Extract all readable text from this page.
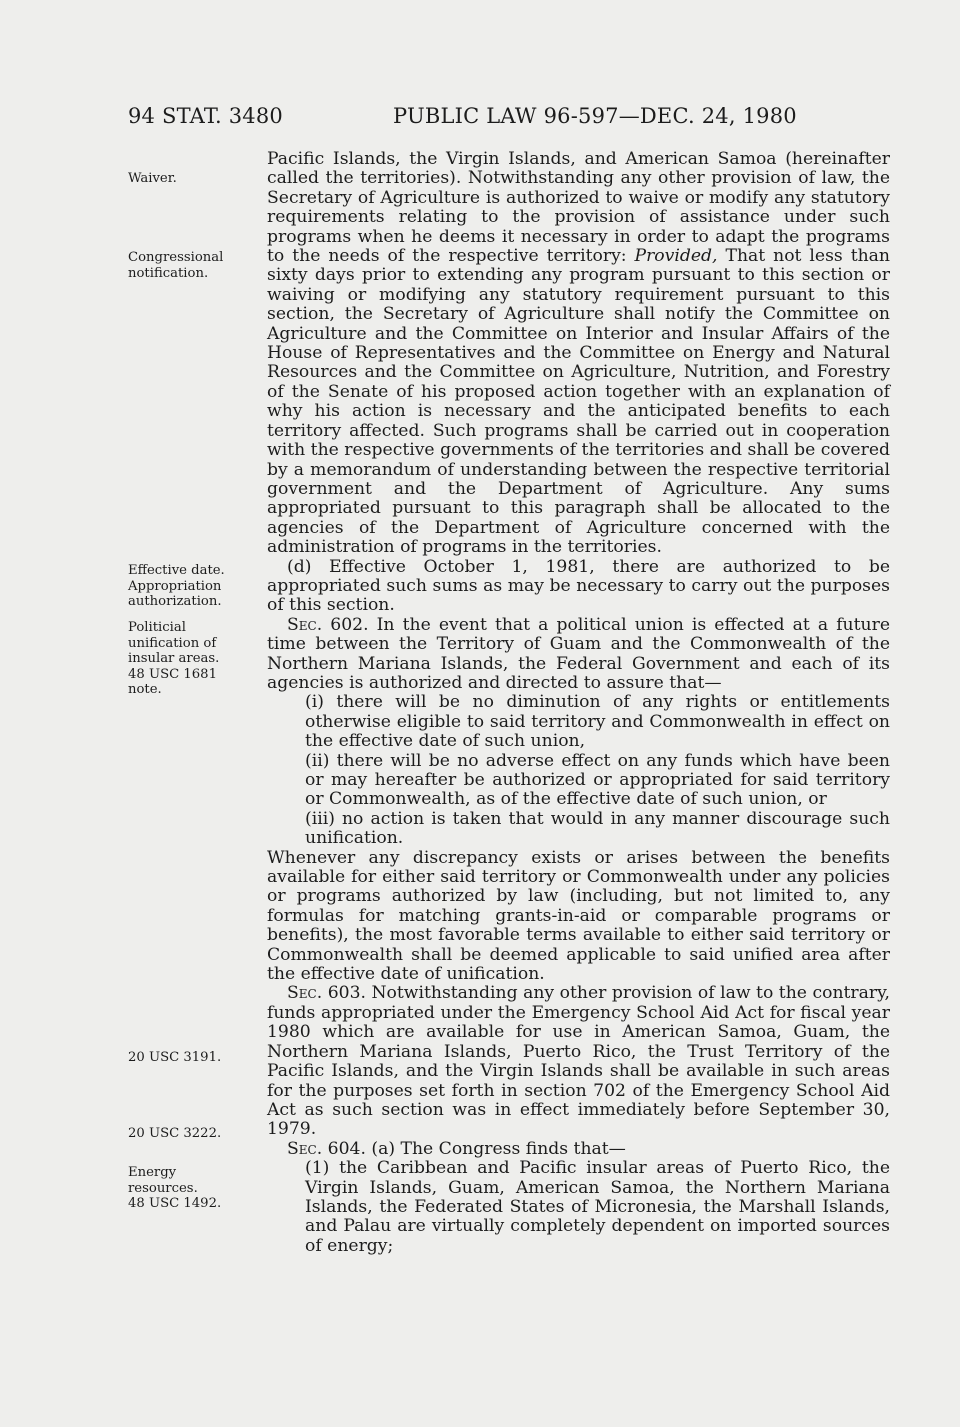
94 STAT. 3480	PUBLIC LAW 96-597—DEC. 24, 1980
Waiver.
Congressional
notification.
Effective date.
Appropriation
authorization.
Politicial
unification of
insular areas.
48 USC 1681
note.
20 USC 3191.
20 USC 3222.
Energy
resources.
48 USC 1492.

Pacific Islands, the Virgin Islands, and American Samoa (hereinafter called the territories). Notwithstanding any other provision of law, the Secretary of Agriculture is authorized to waive or modify any statutory requirements relating to the provision of assistance under such programs when he deems it necessary in order to adapt the programs to the needs of the respective territory: Provided, That not less than sixty days prior to extending any program pursuant to this section or waiving or modifying any statutory requirement pursuant to this section, the Secretary of Agriculture shall notify the Committee on Agriculture and the Committee on Interior and Insular Affairs of the House of Representatives and the Committee on Energy and Natural Resources and the Committee on Agriculture, Nutrition, and Forestry of the Senate of his proposed action together with an explanation of why his action is necessary and the anticipated benefits to each territory affected. Such programs shall be carried out in cooperation with the respective governments of the territories and shall be covered by a memorandum of understanding between the respective territorial government and the Department of Agriculture. Any sums appropriated pursuant to this paragraph shall be allocated to the agencies of the Department of Agriculture concerned with the administration of programs in the territories.

(d) Effective October 1, 1981, there are authorized to be appropriated such sums as may be necessary to carry out the purposes of this section.

Sec. 602. In the event that a political union is effected at a future time between the Territory of Guam and the Commonwealth of the Northern Mariana Islands, the Federal Government and each of its agencies is authorized and directed to assure that—

(i) there will be no diminution of any rights or entitlements otherwise eligible to said territory and Commonwealth in effect on the effective date of such union,

(ii) there will be no adverse effect on any funds which have been or may hereafter be authorized or appropriated for said territory or Commonwealth, as of the effective date of such union, or

(iii) no action is taken that would in any manner discourage such unification.

Whenever any discrepancy exists or arises between the benefits available for either said territory or Commonwealth under any policies or programs authorized by law (including, but not limited to, any formulas for matching grants-in-aid or comparable programs or benefits), the most favorable terms available to either said territory or Commonwealth shall be deemed applicable to said unified area after the effective date of unification.

Sec. 603. Notwithstanding any other provision of law to the contrary, funds appropriated under the Emergency School Aid Act for fiscal year 1980 which are available for use in American Samoa, Guam, the Northern Mariana Islands, Puerto Rico, the Trust Territory of the Pacific Islands, and the Virgin Islands shall be available in such areas for the purposes set forth in section 702 of the Emergency School Aid Act as such section was in effect immediately before September 30, 1979.

Sec. 604. (a) The Congress finds that—

(1) the Caribbean and Pacific insular areas of Puerto Rico, the Virgin Islands, Guam, American Samoa, the Northern Mariana Islands, the Federated States of Micronesia, the Marshall Islands, and Palau are virtually completely dependent on imported sources of energy;
